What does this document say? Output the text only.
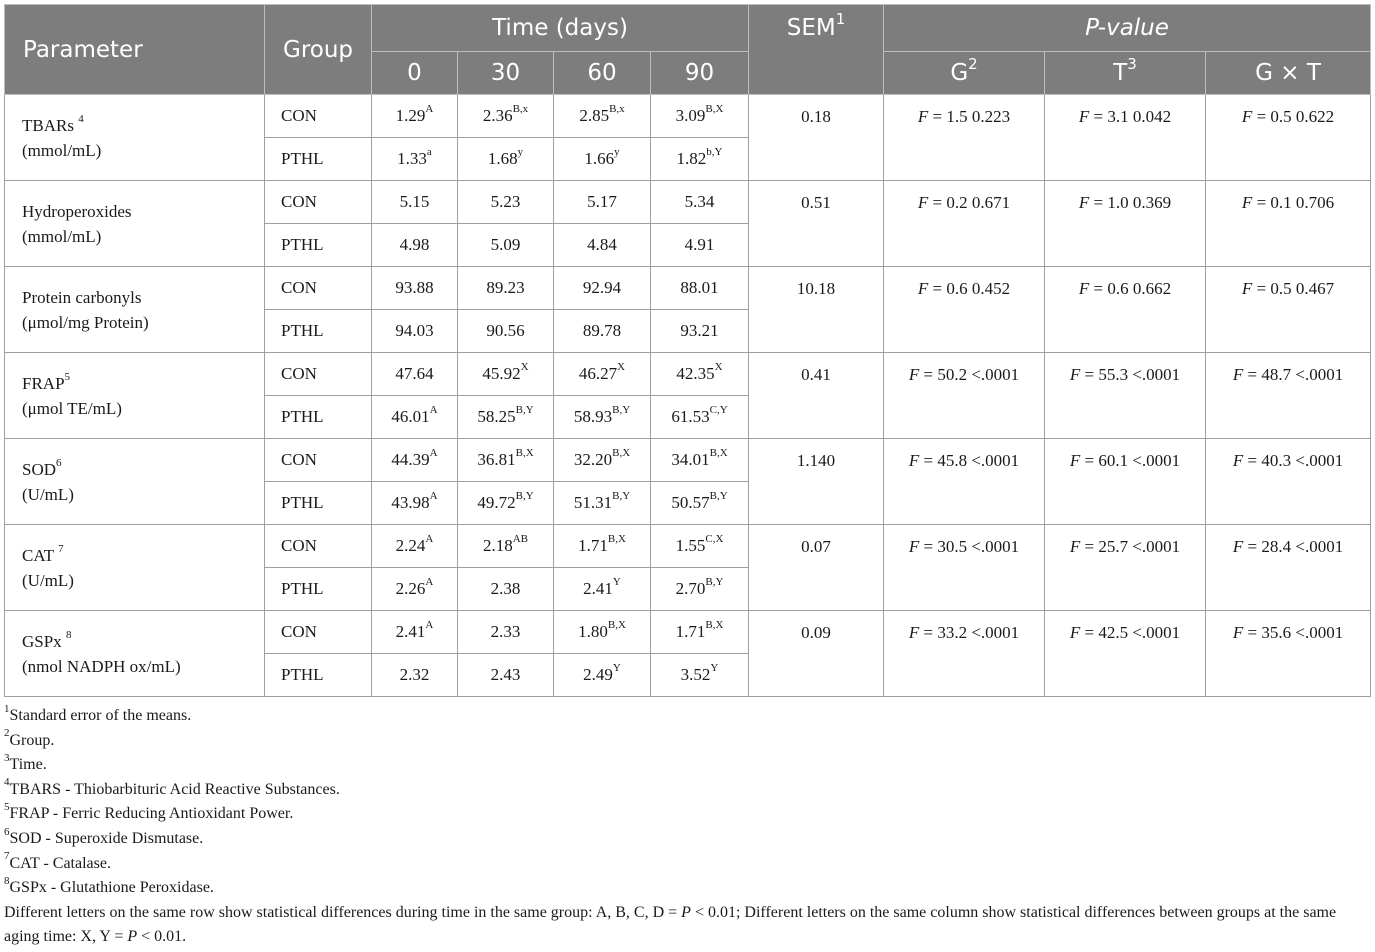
Parameter	Group	Time (days)				SEM$^1$	P-value		
		0	30	60	90		$G^2$	$T^3$	G × T
TBARs $^4$
(mmol/mL)	CON	$1.29^A$	$2.36^{B,x}$	$2.85^{B,x}$	$3.09^{B,X}$	0.18	F = 1.5 0.223	F = 3.1 0.042	F = 0.5 0.622
	PTHL	1.33$^a$	1.68$^y$	1.66$^y$	$1.82^{b,Y}$
Hydroperoxides
(mmol/mL)	CON	5.15	5.23	5.17	5.34	0.51	F = 0.2 0.671	F = 1.0 0.369	F = 0.1 0.706
	PTHL	4.98	5.09	4.84	4.91				
Protein carbonyls
(μmol/mg Protein)	CON	93.88	89.23	92.94	88.01	10.18	F = 0.6 0.452	F = 0.6 0.662	F = 0.5 0.467
	PTHL	94.03	90.56	89.78	93.21				
FRAP$^5$
(μmol TE/mL)	CON	47.64	$45.92^X$	$46.27^X$	$42.35^X$	0.41	F = 50.2 <.0001	F = 55.3 <.0001	F = 48.7 <.0001
	PTHL	$46.01^A$	$58.25^{B,Y}$	$58.93^{B,Y}$	$61.53^{C,Y}$
SOD$^6$
(U/mL)	CON	$44.39^A$	$36.81^{B,X}$	$32.20^{B,X}$	$34.01^{B,X}$	1.140	F = 45.8 <.0001	F = 60.1 <.0001	F = 40.3 <.0001
	PTHL	$43.98^A$	$49.72^{B,Y}$	$51.31^{B,Y}$	$50.57^{B,Y}$
CAT $^7$
(U/mL)	CON	$2.24^A$	$2.18^{AB}$	$1.71^{B,X}$	$1.55^{C,X}$	0.07	F = 30.5 <.0001	F = 25.7 <.0001	F = 28.4 <.0001
	PTHL	$2.26^A$	2.38	$2.41^Y$	$2.70^{B,Y}$
GSPx $^8$
(nmol NADPH ox/mL)	CON	$2.41^A$	2.33	$1.80^{B,X}$	$1.71^{B,X}$	0.09	F = 33.2 <.0001	F = 42.5 <.0001	F = 35.6 <.0001
	PTHL	2.32	2.43	$2.49^Y$	$3.52^Y$
$^1$Standard error of the means.
$^2$Group.
$^3$Time.
$^4$TBARS - Thiobarbituric Acid Reactive Substances.
$^5$FRAP - Ferric Reducing Antioxidant Power.
$^6$SOD - Superoxide Dismutase.
$^7$CAT - Catalase.
$^8$GSPx - Glutathione Peroxidase.
Different letters on the same row show statistical differences during time in the same group: A, B, C, D = P < 0.01; Different letters on the same column show statistical differences between groups at the same aging time: X, Y = P < 0.01.
